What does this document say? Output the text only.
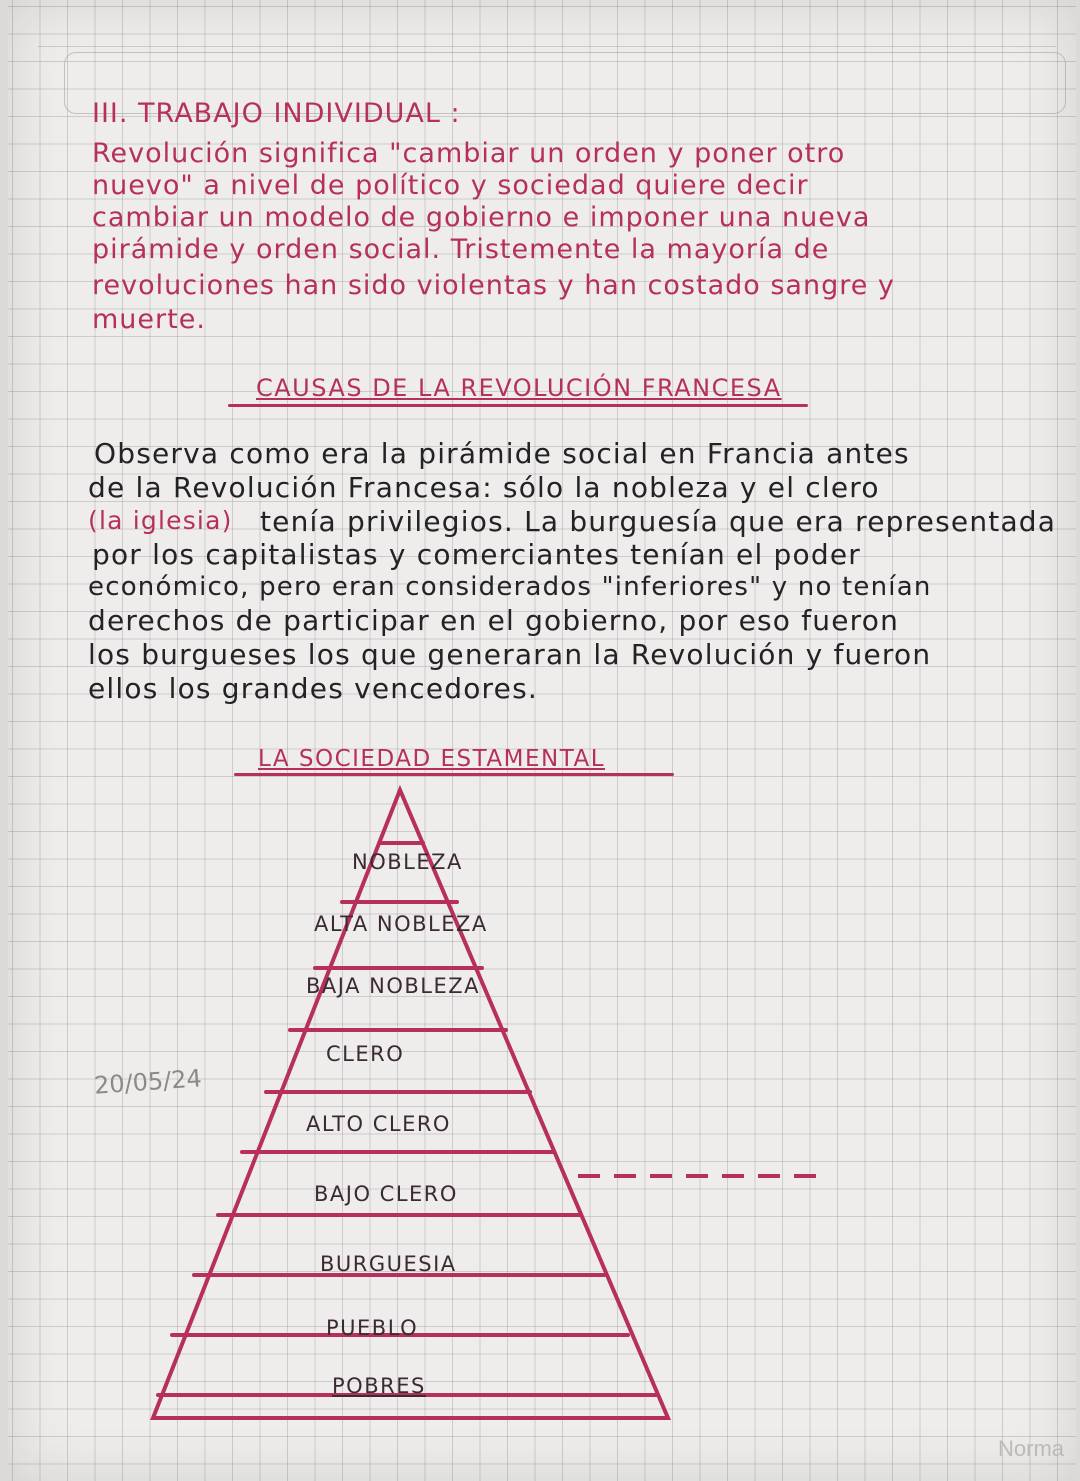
III. TRABAJO INDIVIDUAL :
Revolución significa "cambiar un orden y poner otro
nuevo" a nivel de político y sociedad quiere decir
cambiar un modelo de gobierno e imponer una nueva
pirámide y orden social. Tristemente la mayoría de
revoluciones han sido violentas y han costado sangre y
muerte.
CAUSAS DE LA REVOLUCIÓN FRANCESA
Observa como era la pirámide social en Francia antes
de la Revolución Francesa: sólo la nobleza y el clero
(la iglesia) tenía privilegios. La burguesía que era representada
por los capitalistas y comerciantes tenían el poder
económico, pero eran considerados "inferiores" y no tenían
derechos de participar en el gobierno, por eso fueron
los burgueses los que generaran la Revolución y fueron
ellos los grandes vencedores.
LA SOCIEDAD ESTAMENTAL
NOBLEZA
ALTA NOBLEZA
BAJA NOBLEZA
CLERO
ALTO CLERO
BAJO CLERO
BURGUESIA
PUEBLO
POBRES
20/05/24
Norma
